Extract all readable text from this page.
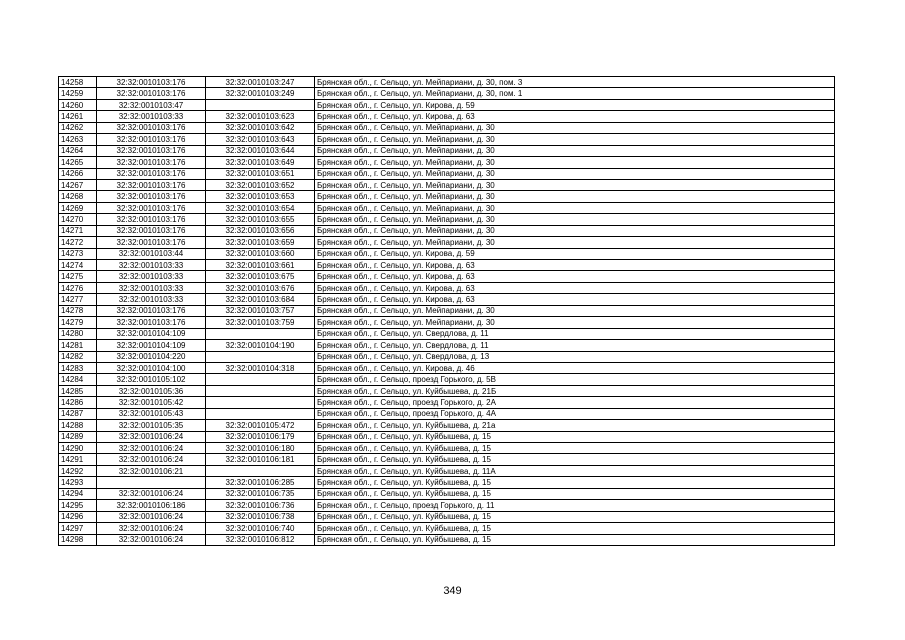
14258	32:32:0010103:176	32:32:0010103:247	Брянская обл., г. Сельцо, ул. Мейпариани, д. 30, пом. 3
14259	32:32:0010103:176	32:32:0010103:249	Брянская обл., г. Сельцо, ул. Мейпариани, д. 30, пом. 1
14260	32:32:0010103:47		Брянская обл., г. Сельцо, ул. Кирова, д. 59
14261	32:32:0010103:33	32:32:0010103:623	Брянская обл., г. Сельцо, ул. Кирова, д. 63
14262	32:32:0010103:176	32:32:0010103:642	Брянская обл., г. Сельцо, ул. Мейпариани, д. 30
14263	32:32:0010103:176	32:32:0010103:643	Брянская обл., г. Сельцо, ул. Мейпариани, д. 30
14264	32:32:0010103:176	32:32:0010103:644	Брянская обл., г. Сельцо, ул. Мейпариани, д. 30
14265	32:32:0010103:176	32:32:0010103:649	Брянская обл., г. Сельцо, ул. Мейпариани, д. 30
14266	32:32:0010103:176	32:32:0010103:651	Брянская обл., г. Сельцо, ул. Мейпариани, д. 30
14267	32:32:0010103:176	32:32:0010103:652	Брянская обл., г. Сельцо, ул. Мейпариани, д. 30
14268	32:32:0010103:176	32:32:0010103:653	Брянская обл., г. Сельцо, ул. Мейпариани, д. 30
14269	32:32:0010103:176	32:32:0010103:654	Брянская обл., г. Сельцо, ул. Мейпариани, д. 30
14270	32:32:0010103:176	32:32:0010103:655	Брянская обл., г. Сельцо, ул. Мейпариани, д. 30
14271	32:32:0010103:176	32:32:0010103:656	Брянская обл., г. Сельцо, ул. Мейпариани, д. 30
14272	32:32:0010103:176	32:32:0010103:659	Брянская обл., г. Сельцо, ул. Мейпариани, д. 30
14273	32:32:0010103:44	32:32:0010103:660	Брянская обл., г. Сельцо, ул. Кирова, д. 59
14274	32:32:0010103:33	32:32:0010103:661	Брянская обл., г. Сельцо, ул. Кирова, д. 63
14275	32:32:0010103:33	32:32:0010103:675	Брянская обл., г. Сельцо, ул. Кирова, д. 63
14276	32:32:0010103:33	32:32:0010103:676	Брянская обл., г. Сельцо, ул. Кирова, д. 63
14277	32:32:0010103:33	32:32:0010103:684	Брянская обл., г. Сельцо, ул. Кирова, д. 63
14278	32:32:0010103:176	32:32:0010103:757	Брянская обл., г. Сельцо, ул. Мейпариани, д. 30
14279	32:32:0010103:176	32:32:0010103:759	Брянская обл., г. Сельцо, ул. Мейпариани, д. 30
14280	32:32:0010104:109		Брянская обл., г. Сельцо, ул. Свердлова, д. 11
14281	32:32:0010104:109	32:32:0010104:190	Брянская обл., г. Сельцо, ул. Свердлова, д. 11
14282	32:32:0010104:220		Брянская обл., г. Сельцо, ул. Свердлова, д. 13
14283	32:32:0010104:100	32:32:0010104:318	Брянская обл., г. Сельцо, ул. Кирова, д. 46
14284	32:32:0010105:102		Брянская обл., г. Сельцо, проезд Горького, д. 5В
14285	32:32:0010105:36		Брянская обл., г. Сельцо, ул. Куйбышева, д. 21Б
14286	32:32:0010105:42		Брянская обл., г. Сельцо, проезд Горького, д. 2А
14287	32:32:0010105:43		Брянская обл., г. Сельцо, проезд Горького, д. 4А
14288	32:32:0010105:35	32:32:0010105:472	Брянская обл., г. Сельцо, ул. Куйбышева, д. 21а
14289	32:32:0010106:24	32:32:0010106:179	Брянская обл., г. Сельцо, ул. Куйбышева, д. 15
14290	32:32:0010106:24	32:32:0010106:180	Брянская обл., г. Сельцо, ул. Куйбышева, д. 15
14291	32:32:0010106:24	32:32:0010106:181	Брянская обл., г. Сельцо, ул. Куйбышева, д. 15
14292	32:32:0010106:21		Брянская обл., г. Сельцо, ул. Куйбышева, д. 11А
14293		32:32:0010106:285	Брянская обл., г. Сельцо, ул. Куйбышева, д. 15
14294	32:32:0010106:24	32:32:0010106:735	Брянская обл., г. Сельцо, ул. Куйбышева, д. 15
14295	32:32:0010106:186	32:32:0010106:736	Брянская обл., г. Сельцо, проезд Горького, д. 11
14296	32:32:0010106:24	32:32:0010106:738	Брянская обл., г. Сельцо, ул. Куйбышева, д. 15
14297	32:32:0010106:24	32:32:0010106:740	Брянская обл., г. Сельцо, ул. Куйбышева, д. 15
14298	32:32:0010106:24	32:32:0010106:812	Брянская обл., г. Сельцо, ул. Куйбышева, д. 15
349
